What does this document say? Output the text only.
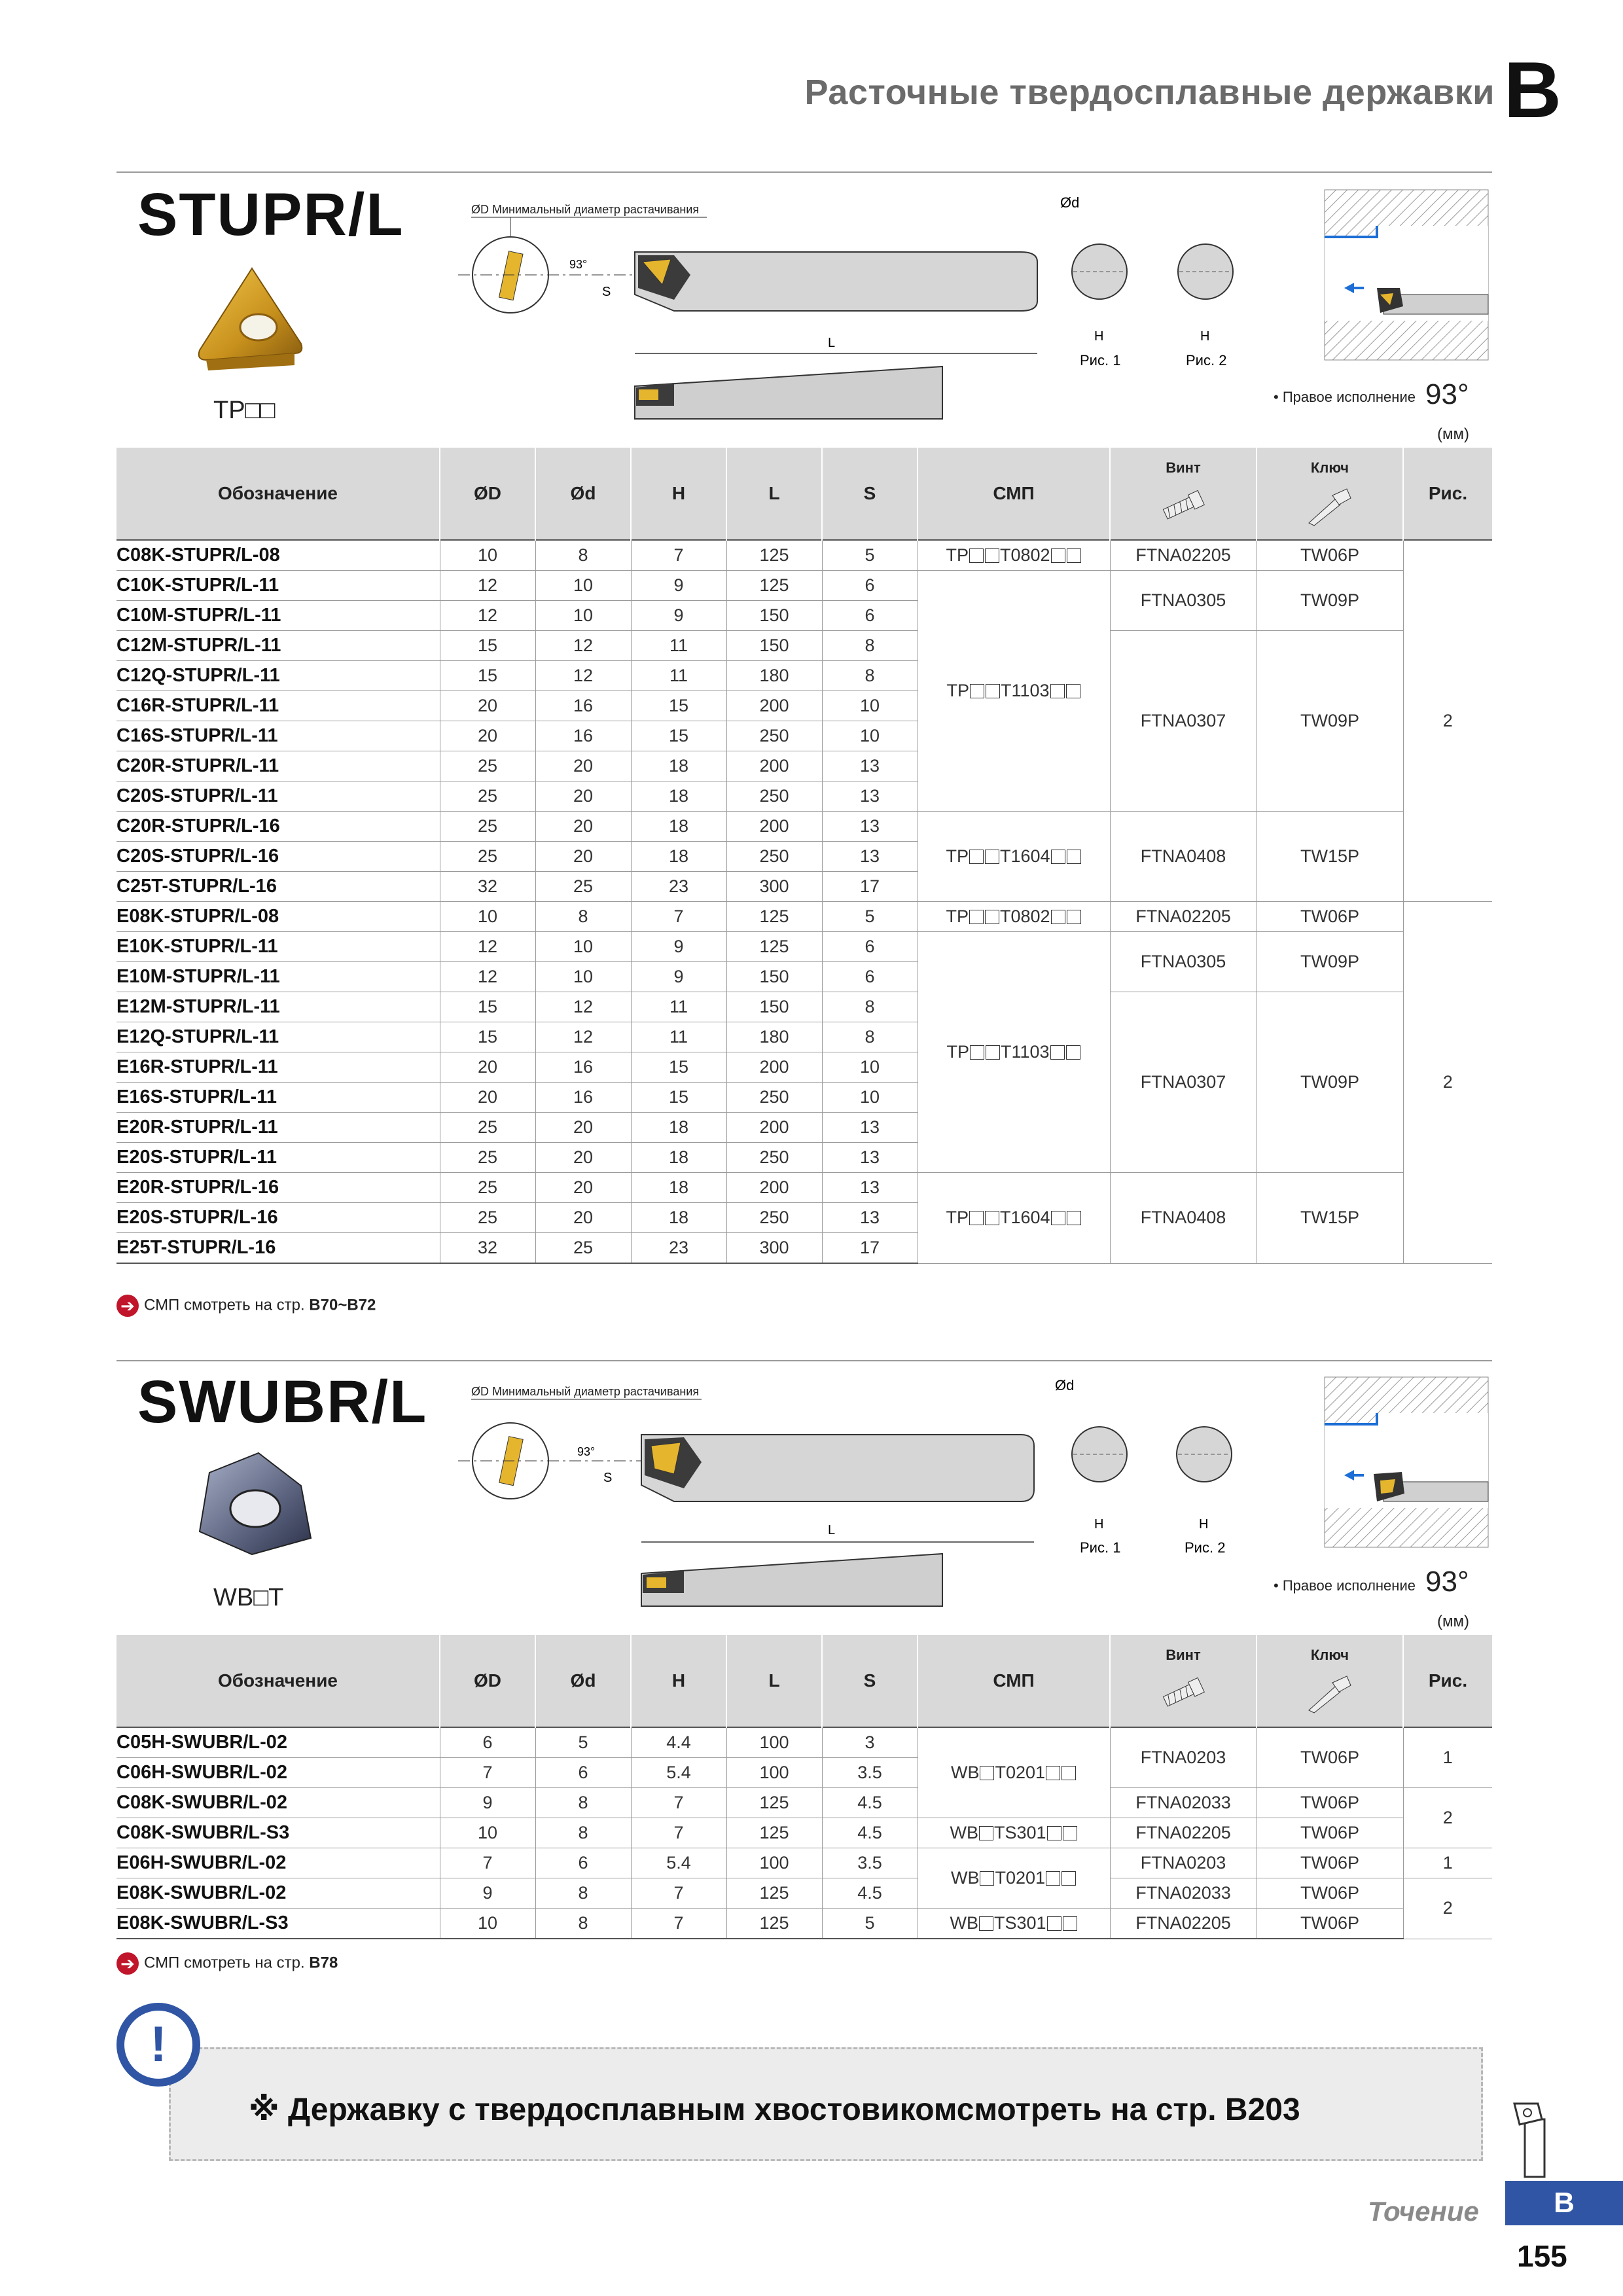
Расточные твердосплавные державки B
STUPR/L
TP□□
ØD Минимальный диаметр растачивания
93°
S
L
Ød
H	H
Рис. 1	Рис. 2
• Правое исполнение 93°
(мм)
Обозначение	ØD	Ød	H	L	S	СМП	Винт	Ключ	Рис.

C08K-STUPR/L-08	10	8	7	125	5	TP T0802	FTNA02205	TW06P	2
C10K-STUPR/L-11	12	10	9	125	6	TP T1103	FTNA0305	TW09P	
C10M-STUPR/L-11	12	10	9	150	6				
C12M-STUPR/L-11	15	12	11	150	8		FTNA0307	TW09P	
C12Q-STUPR/L-11	15	12	11	180	8				
C16R-STUPR/L-11	20	16	15	200	10				
C16S-STUPR/L-11	20	16	15	250	10				
C20R-STUPR/L-11	25	20	18	200	13				
C20S-STUPR/L-11	25	20	18	250	13				
C20R-STUPR/L-16	25	20	18	200	13	TP T1604	FTNA0408	TW15P	
C20S-STUPR/L-16	25	20	18	250	13				
C25T-STUPR/L-16	32	25	23	300	17				
E08K-STUPR/L-08	10	8	7	125	5	TP T0802	FTNA02205	TW06P	2
E10K-STUPR/L-11	12	10	9	125	6	TP T1103	FTNA0305	TW09P	
E10M-STUPR/L-11	12	10	9	150	6				
E12M-STUPR/L-11	15	12	11	150	8		FTNA0307	TW09P	
E12Q-STUPR/L-11	15	12	11	180	8				
E16R-STUPR/L-11	20	16	15	200	10				
E16S-STUPR/L-11	20	16	15	250	10				
E20R-STUPR/L-11	25	20	18	200	13				
E20S-STUPR/L-11	25	20	18	250	13				
E20R-STUPR/L-16	25	20	18	200	13	TP T1604	FTNA0408	TW15P	
E20S-STUPR/L-16	25	20	18	250	13				
E25T-STUPR/L-16	32	25	23	300	17				
➔ СМП смотреть на стр. B70~B72
SWUBR/L
WB□T
ØD Минимальный диаметр растачивания
93°
S
L
Ød
H	H
Рис. 1	Рис. 2
• Правое исполнение 93°
(мм)
Обозначение	ØD	Ød	H	L	S	СМП	Винт	Ключ	Рис.

C05H-SWUBR/L-02	6	5	4.4	100	3	WB T0201	FTNA0203	TW06P	1
C06H-SWUBR/L-02	7	6	5.4	100	3.5				
C08K-SWUBR/L-02	9	8	7	125	4.5		FTNA02033	TW06P	2
C08K-SWUBR/L-S3	10	8	7	125	4.5	WB TS301	FTNA02205	TW06P	
E06H-SWUBR/L-02	7	6	5.4	100	3.5	WB T0201	FTNA0203	TW06P	1
E08K-SWUBR/L-02	9	8	7	125	4.5		FTNA02033	TW06P	2
E08K-SWUBR/L-S3	10	8	7	125	5	WB TS301	FTNA02205	TW06P	
➔ СМП смотреть на стр. B78
!
※ Державку с твердосплавным хвостовикомсмотреть на стр. B203
Точение	B
155
